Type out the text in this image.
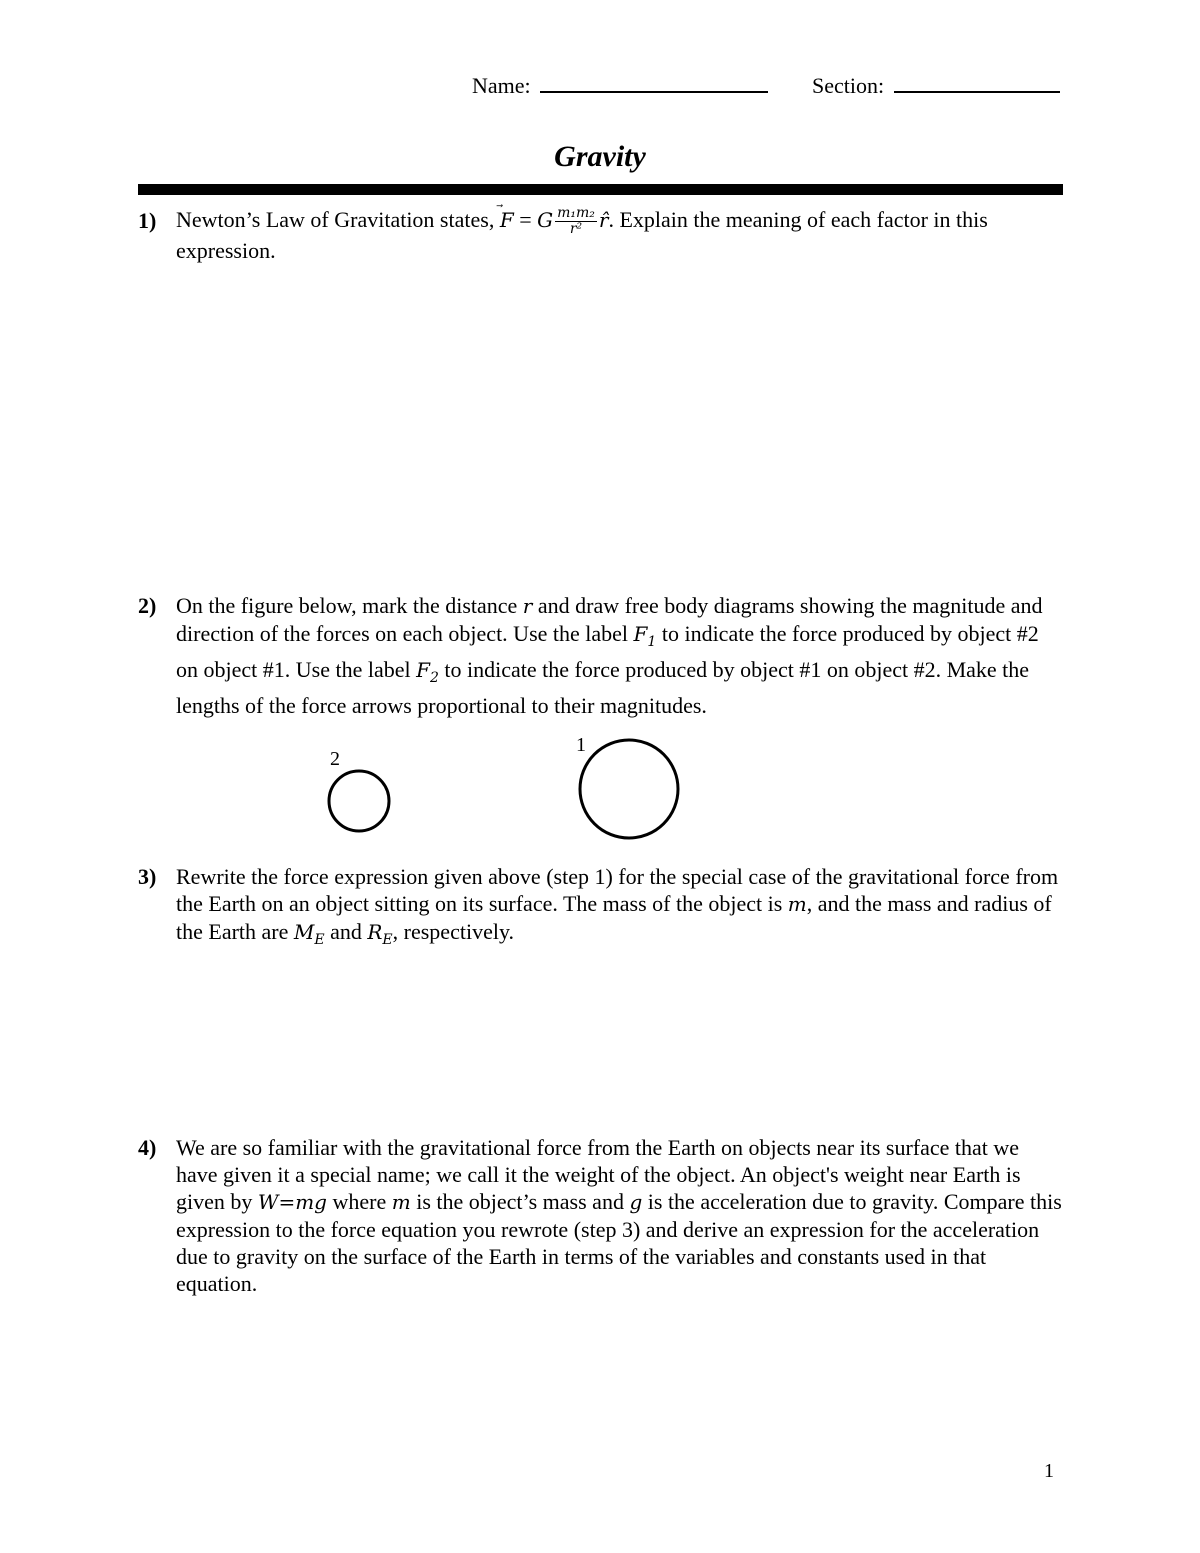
Name:	Section:
Gravity
1) Newton’s Law of Gravitation states, F = G $\frac{\text{m₁m₂}}{\text{r²}}$ r̂. Explain the meaning of each factor in this expression.
2) On the figure below, mark the distance r and draw free body diagrams showing the magnitude and direction of the forces on each object. Use the label $F_1$ to indicate the force produced by object #2 on object #1. Use the label $F_2$ to indicate the force produced by object #1 on object #2. Make the lengths of the force arrows proportional to their magnitudes.
2
1
3) Rewrite the force expression given above (step 1) for the special case of the gravitational force from the Earth on an object sitting on its surface. The mass of the object is m, and the mass and radius of the Earth are $M_E$ and $R_E$, respectively.
4) We are so familiar with the gravitational force from the Earth on objects near its surface that we have given it a special name; we call it the weight of the object. An object's weight near Earth is given by W=mg where m is the object’s mass and g is the acceleration due to gravity. Compare this expression to the force equation you rewrote (step 3) and derive an expression for the acceleration due to gravity on the surface of the Earth in terms of the variables and constants used in that equation.
1
